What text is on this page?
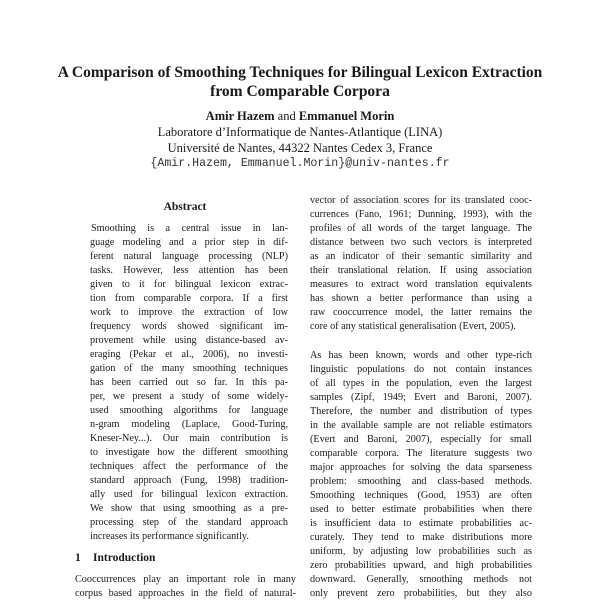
A Comparison of Smoothing Techniques for Bilingual Lexicon Extraction
from Comparable Corpora
Amir Hazem and Emmanuel Morin
Laboratore d’Informatique de Nantes-Atlantique (LINA)
Université de Nantes, 44322 Nantes Cedex 3, France
{Amir.Hazem, Emmanuel.Morin}@univ-nantes.fr
Abstract
Smoothing is a central issue in lan-
guage modeling and a prior step in dif-
ferent natural language processing (NLP)
tasks. However, less attention has been
given to it for bilingual lexicon extrac-
tion from comparable corpora. If a first
work to improve the extraction of low
frequency words showed significant im-
provement while using distance-based av-
eraging (Pekar et al., 2006), no investi-
gation of the many smoothing techniques
has been carried out so far. In this pa-
per, we present a study of some widely-
used smoothing algorithms for language
n-gram modeling (Laplace, Good-Turing,
Kneser-Ney...). Our main contribution is
to investigate how the different smoothing
techniques affect the performance of the
standard approach (Fung, 1998) tradition-
ally used for bilingual lexicon extraction.
We show that using smoothing as a pre-
processing step of the standard approach
increases its performance significantly.
1 Introduction
Cooccurrences play an important role in many
corpus based approaches in the field of natural-
vector of association scores for its translated cooc-
currences (Fano, 1961; Dunning, 1993), with the
profiles of all words of the target language. The
distance between two such vectors is interpreted
as an indicator of their semantic similarity and
their translational relation. If using association
measures to extract word translation equivalents
has shown a better performance than using a
raw cooccurrence model, the latter remains the
core of any statistical generalisation (Evert, 2005).
As has been known, words and other type-rich
linguistic populations do not contain instances
of all types in the population, even the largest
samples (Zipf, 1949; Evert and Baroni, 2007).
Therefore, the number and distribution of types
in the available sample are not reliable estimators
(Evert and Baroni, 2007), especially for small
comparable corpora. The literature suggests two
major approaches for solving the data sparseness
problem: smoothing and class-based methods.
Smoothing techniques (Good, 1953) are often
used to better estimate probabilities when there
is insufficient data to estimate probabilities ac-
curately. They tend to make distributions more
uniform, by adjusting low probabilities such as
zero probabilities upward, and high probabilities
downward. Generally, smoothing methods not
only prevent zero probabilities, but they also
